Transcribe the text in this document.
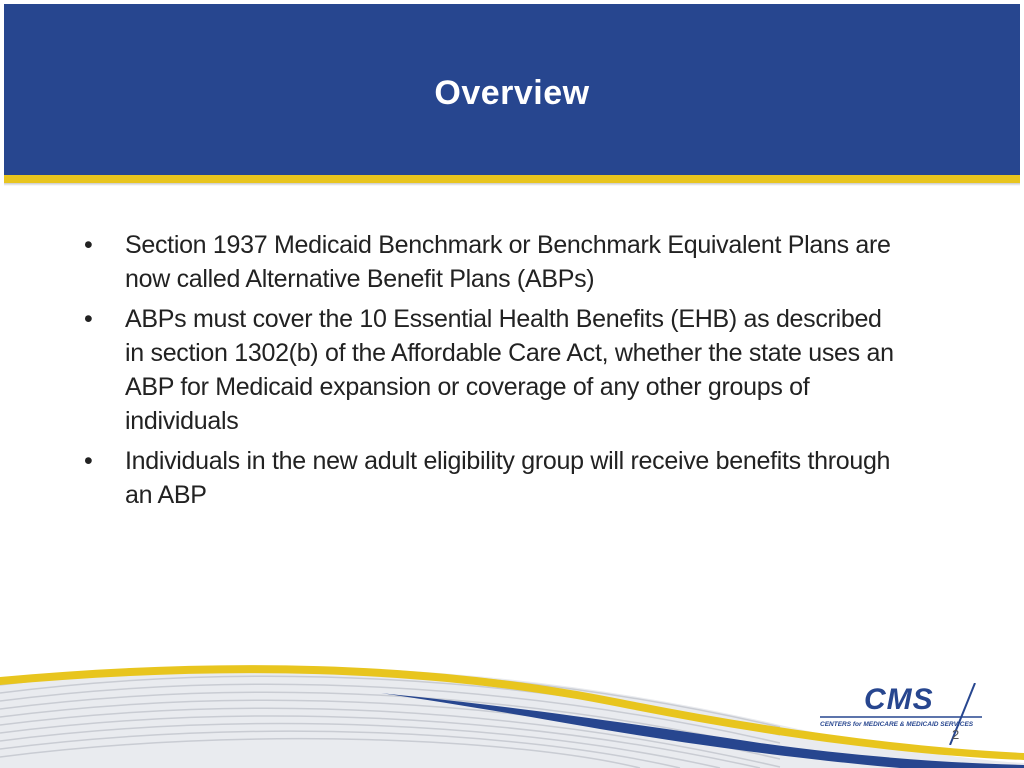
Overview
•	Section 1937 Medicaid Benchmark or Benchmark Equivalent Plans are now called Alternative Benefit Plans (ABPs)
•	ABPs must cover the 10 Essential Health Benefits (EHB) as described in section 1302(b) of the Affordable Care Act, whether the state uses an ABP for Medicaid expansion or coverage of any other groups of individuals
•	Individuals in the new adult eligibility group will receive benefits through an ABP
CMS
CENTERS for MEDICARE & MEDICAID SERVICES
2
